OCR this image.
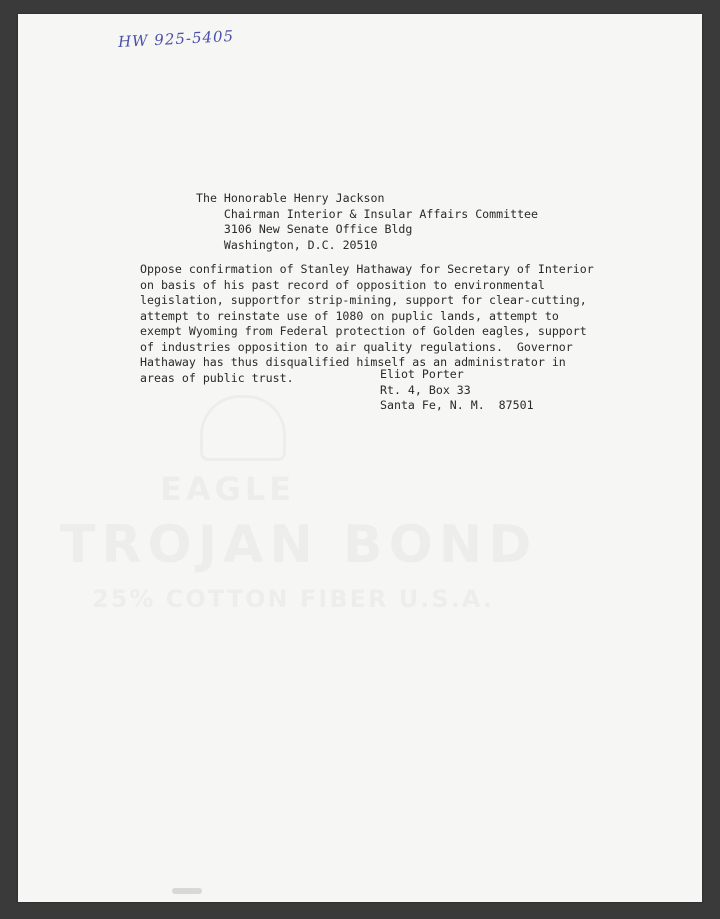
HW 925-5405
The Honorable Henry Jackson
Chairman Interior & Insular Affairs Committee
3106 New Senate Office Bldg
Washington, D.C. 20510
Oppose confirmation of Stanley Hathaway for Secretary of Interior
on basis of his past record of opposition to environmental
legislation, supportfor strip-mining, support for clear-cutting,
attempt to reinstate use of 1080 on puplic lands, attempt to
exempt Wyoming from Federal protection of Golden eagles, support
of industries opposition to air quality regulations.  Governor
Hathaway has thus disqualified himself as an administrator in
areas of public trust.	Eliot Porter
Rt. 4, Box 33
Santa Fe, N. M.  87501
